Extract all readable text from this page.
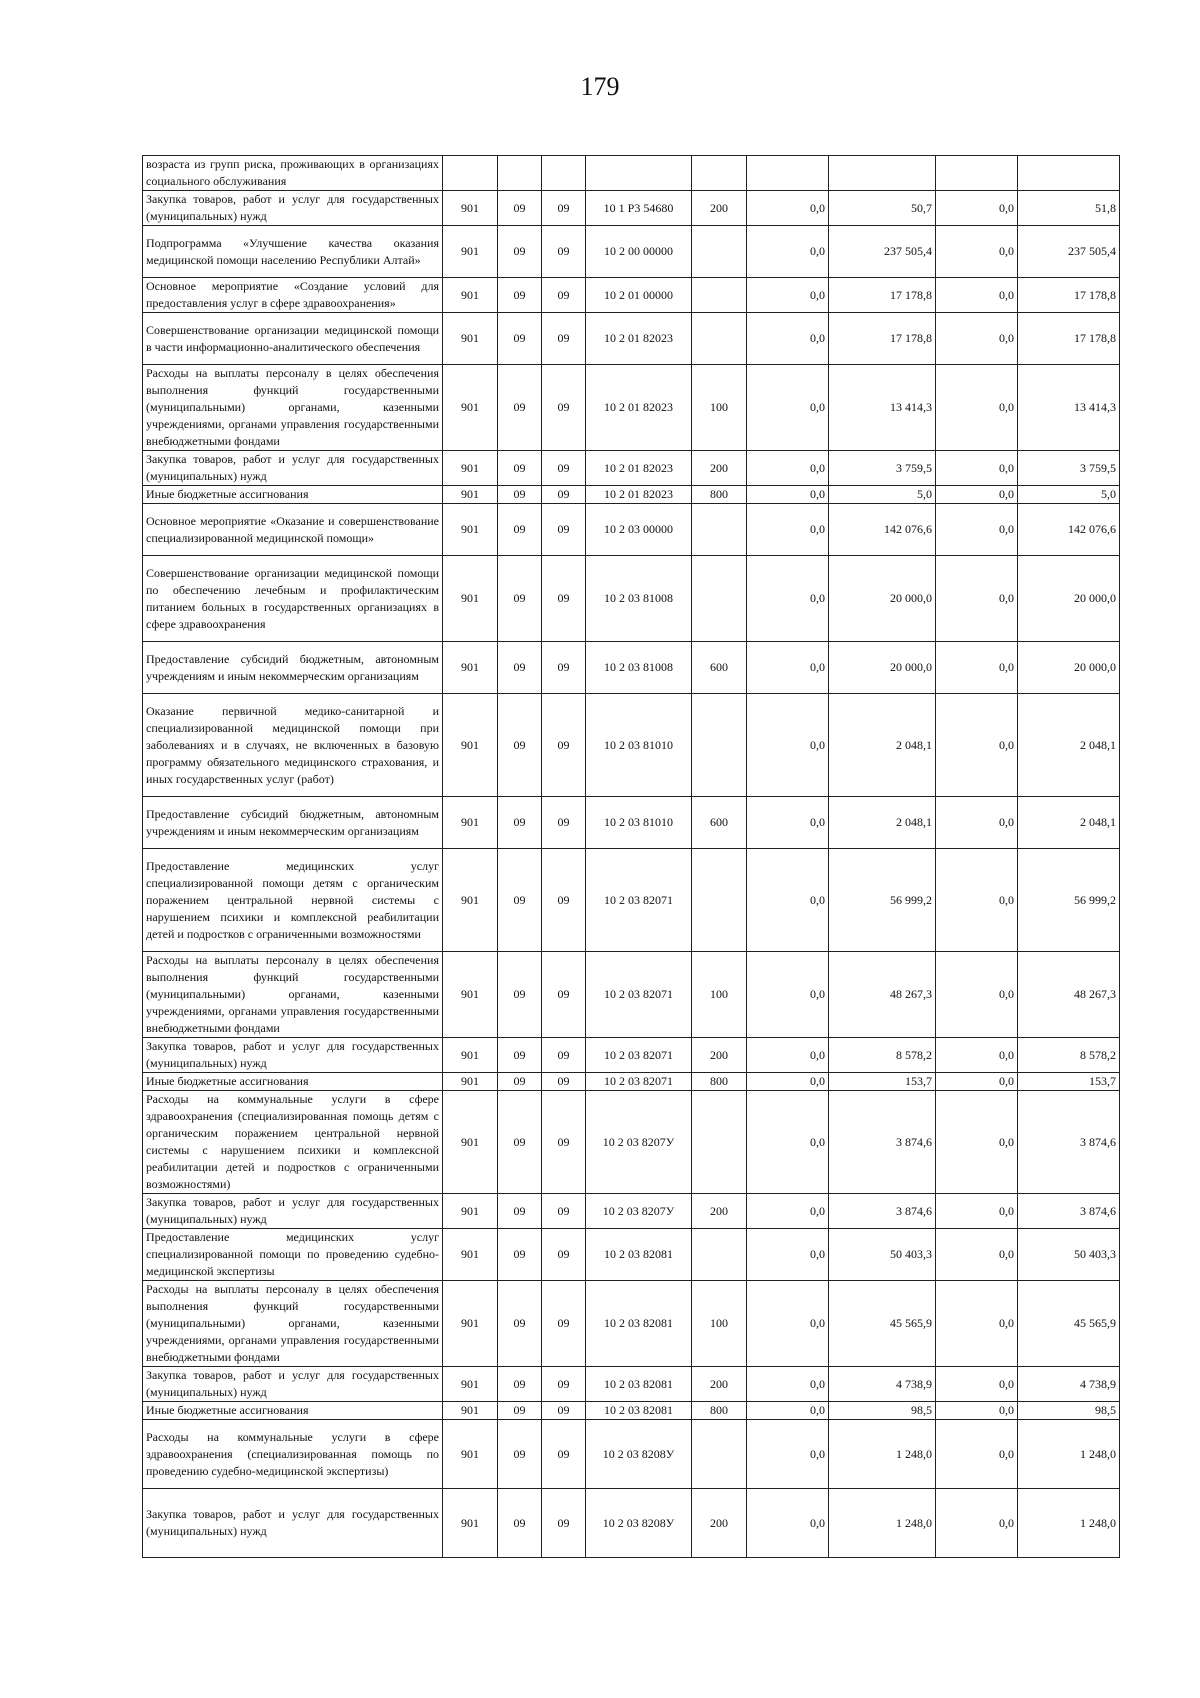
179
возраста из групп риска, проживающих в организациях социального обслуживания									
Закупка товаров, работ и услуг для государственных (муниципальных) нужд	901	09	09	10 1 P3 54680	200	0,0	50,7	0,0	51,8
Подпрограмма «Улучшение качества оказания медицинской помощи населению Республики Алтай»	901	09	09	10 2 00 00000		0,0	237 505,4	0,0	237 505,4
Основное мероприятие «Создание условий для предоставления услуг в сфере здравоохранения»	901	09	09	10 2 01 00000		0,0	17 178,8	0,0	17 178,8
Совершенствование организации медицинской помощи в части информационно-аналитического обеспечения	901	09	09	10 2 01 82023		0,0	17 178,8	0,0	17 178,8
Расходы на выплаты персоналу в целях обеспечения выполнения функций государственными (муниципальными) органами, казенными учреждениями, органами управления государственными внебюджетными фондами	901	09	09	10 2 01 82023	100	0,0	13 414,3	0,0	13 414,3
Закупка товаров, работ и услуг для государственных (муниципальных) нужд	901	09	09	10 2 01 82023	200	0,0	3 759,5	0,0	3 759,5
Иные бюджетные ассигнования	901	09	09	10 2 01 82023	800	0,0	5,0	0,0	5,0
Основное мероприятие «Оказание и совершенствование специализированной медицинской помощи»	901	09	09	10 2 03 00000		0,0	142 076,6	0,0	142 076,6
Совершенствование организации медицинской помощи по обеспечению лечебным и профилактическим питанием больных в государственных организациях в сфере здравоохранения	901	09	09	10 2 03 81008		0,0	20 000,0	0,0	20 000,0
Предоставление субсидий бюджетным, автономным учреждениям и иным некоммерческим организациям	901	09	09	10 2 03 81008	600	0,0	20 000,0	0,0	20 000,0
Оказание первичной медико-санитарной и специализированной медицинской помощи при заболеваниях и в случаях, не включенных в базовую программу обязательного медицинского страхования, и иных государственных услуг (работ)	901	09	09	10 2 03 81010		0,0	2 048,1	0,0	2 048,1
Предоставление субсидий бюджетным, автономным учреждениям и иным некоммерческим организациям	901	09	09	10 2 03 81010	600	0,0	2 048,1	0,0	2 048,1
Предоставление медицинских услуг специализированной помощи детям с органическим поражением центральной нервной системы с нарушением психики и комплексной реабилитации детей и подростков с ограниченными возможностями	901	09	09	10 2 03 82071		0,0	56 999,2	0,0	56 999,2
Расходы на выплаты персоналу в целях обеспечения выполнения функций государственными (муниципальными) органами, казенными учреждениями, органами управления государственными внебюджетными фондами	901	09	09	10 2 03 82071	100	0,0	48 267,3	0,0	48 267,3
Закупка товаров, работ и услуг для государственных (муниципальных) нужд	901	09	09	10 2 03 82071	200	0,0	8 578,2	0,0	8 578,2
Иные бюджетные ассигнования	901	09	09	10 2 03 82071	800	0,0	153,7	0,0	153,7
Расходы на коммунальные услуги в сфере здравоохранения (специализированная помощь детям с органическим поражением центральной нервной системы с нарушением психики и комплексной реабилитации детей и подростков с ограниченными возможностями)	901	09	09	10 2 03 8207У		0,0	3 874,6	0,0	3 874,6
Закупка товаров, работ и услуг для государственных (муниципальных) нужд	901	09	09	10 2 03 8207У	200	0,0	3 874,6	0,0	3 874,6
Предоставление медицинских услуг специализированной помощи по проведению судебно-медицинской экспертизы	901	09	09	10 2 03 82081		0,0	50 403,3	0,0	50 403,3
Расходы на выплаты персоналу в целях обеспечения выполнения функций государственными (муниципальными) органами, казенными учреждениями, органами управления государственными внебюджетными фондами	901	09	09	10 2 03 82081	100	0,0	45 565,9	0,0	45 565,9
Закупка товаров, работ и услуг для государственных (муниципальных) нужд	901	09	09	10 2 03 82081	200	0,0	4 738,9	0,0	4 738,9
Иные бюджетные ассигнования	901	09	09	10 2 03 82081	800	0,0	98,5	0,0	98,5
Расходы на коммунальные услуги в сфере здравоохранения (специализированная помощь по проведению судебно-медицинской экспертизы)	901	09	09	10 2 03 8208У		0,0	1 248,0	0,0	1 248,0
Закупка товаров, работ и услуг для государственных (муниципальных) нужд	901	09	09	10 2 03 8208У	200	0,0	1 248,0	0,0	1 248,0
